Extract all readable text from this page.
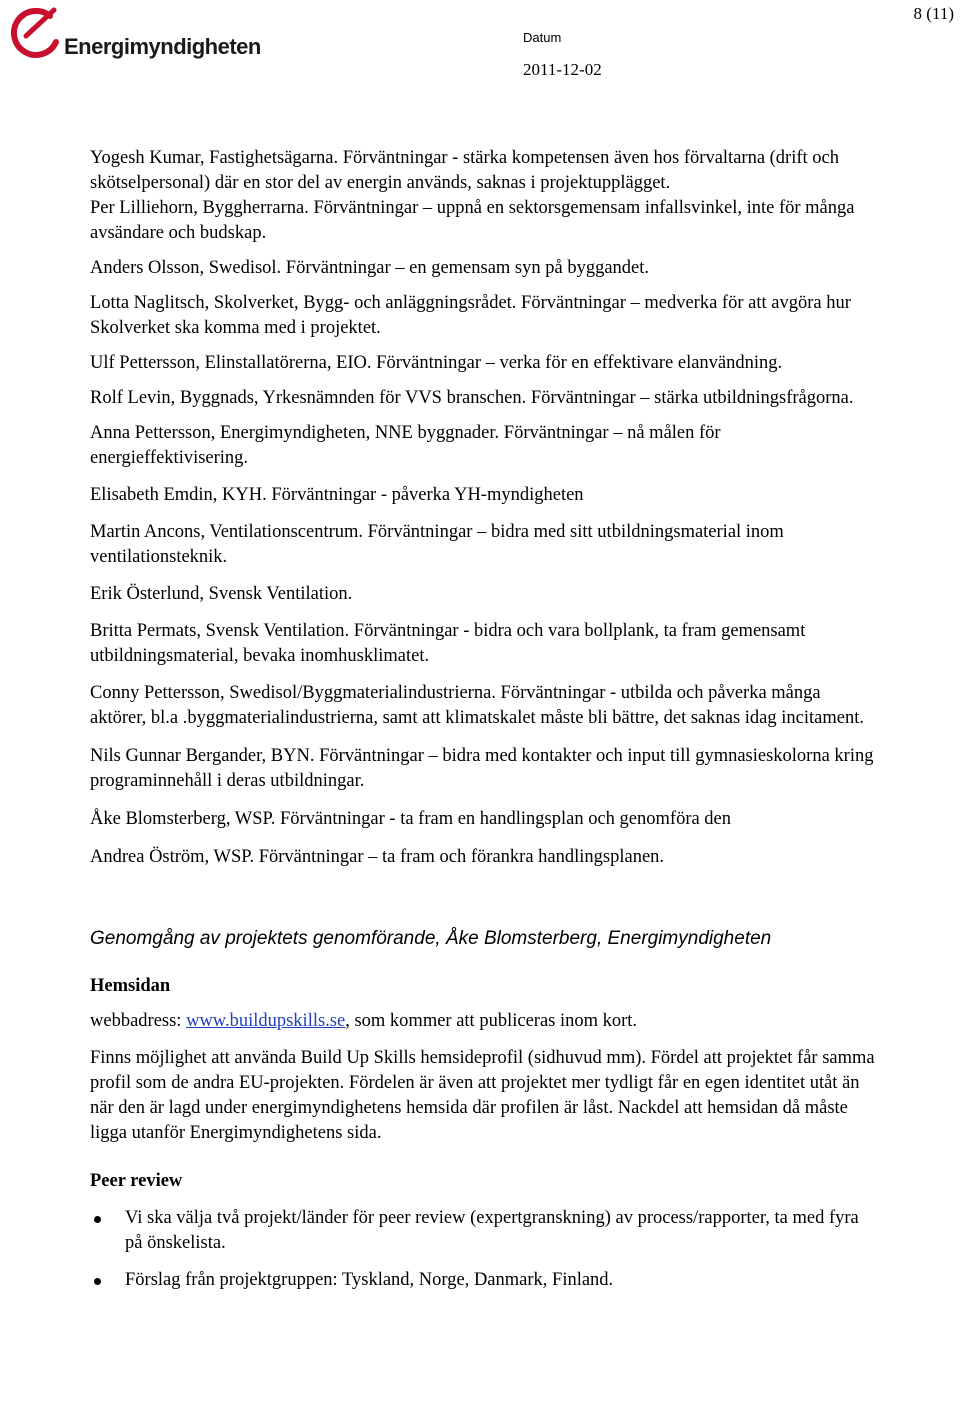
Energimyndigheten	Datum
2011-12-02
8 (11)

Yogesh Kumar, Fastighetsägarna. Förväntningar - stärka kompetensen även hos förvaltarna (drift och skötselpersonal) där en stor del av energin används, saknas i projektupplägget.

Per Lilliehorn, Byggherrarna. Förväntningar – uppnå en sektorsgemensam infallsvinkel, inte för många avsändare och budskap.

Anders Olsson, Swedisol. Förväntningar – en gemensam syn på byggandet.

Lotta Naglitsch, Skolverket, Bygg- och anläggningsrådet. Förväntningar – medverka för att avgöra hur Skolverket ska komma med i projektet.

Ulf Pettersson, Elinstallatörerna, EIO. Förväntningar – verka för en effektivare elanvändning.

Rolf Levin, Byggnads, Yrkesnämnden för VVS branschen. Förväntningar – stärka utbildningsfrågorna.

Anna Pettersson, Energimyndigheten, NNE byggnader. Förväntningar – nå målen för energieffektivisering.

Elisabeth Emdin, KYH. Förväntningar - påverka YH-myndigheten

Martin Ancons, Ventilationscentrum. Förväntningar – bidra med sitt utbildningsmaterial inom ventilationsteknik.

Erik Österlund, Svensk Ventilation.

Britta Permats, Svensk Ventilation. Förväntningar - bidra och vara bollplank, ta fram gemensamt utbildningsmaterial, bevaka inomhusklimatet.

Conny Pettersson, Swedisol/Byggmaterialindustrierna. Förväntningar - utbilda och påverka många aktörer, bl.a .byggmaterialindustrierna, samt att klimatskalet måste bli bättre, det saknas idag incitament.

Nils Gunnar Bergander, BYN. Förväntningar – bidra med kontakter och input till gymnasieskolorna kring programinnehåll i deras utbildningar.

Åke Blomsterberg, WSP. Förväntningar - ta fram en handlingsplan och genomföra den

Andrea Öström, WSP. Förväntningar – ta fram och förankra handlingsplanen.

Genomgång av projektets genomförande, Åke Blomsterberg, Energimyndigheten

Hemsidan

webbadress: www.buildupskills.se, som kommer att publiceras inom kort.

Finns möjlighet att använda Build Up Skills hemsideprofil (sidhuvud mm). Fördel att projektet får samma profil som de andra EU-projekten. Fördelen är även att projektet mer tydligt får en egen identitet utåt än när den är lagd under energimyndighetens hemsida där profilen är låst. Nackdel att hemsidan då måste ligga utanför Energimyndighetens sida.

Peer review

Vi ska välja två projekt/länder för peer review (expertgranskning) av process/rapporter, ta med fyra på önskelista.
Förslag från projektgruppen: Tyskland, Norge, Danmark, Finland.
